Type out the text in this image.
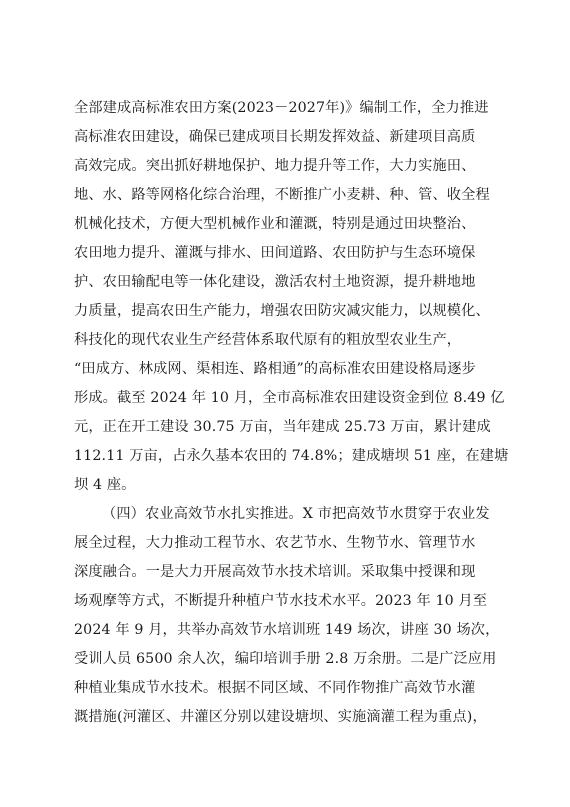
全部建成高标准农田方案(2023－2027年)》编制工作，全力推进
高标准农田建设，确保已建成项目长期发挥效益、新建项目高质
高效完成。突出抓好耕地保护、地力提升等工作，大力实施田、
地、水、路等网格化综合治理，不断推广小麦耕、种、管、收全程
机械化技术，方便大型机械作业和灌溉，特别是通过田块整治、
农田地力提升、灌溉与排水、田间道路、农田防护与生态环境保
护、农田输配电等一体化建设，激活农村土地资源，提升耕地地
力质量，提高农田生产能力，增强农田防灾减灾能力，以规模化、
科技化的现代农业生产经营体系取代原有的粗放型农业生产，
“田成方、林成网、渠相连、路相通”的高标准农田建设格局逐步
形成。截至 2024 年 10 月，全市高标准农田建设资金到位 8.49 亿
元，正在开工建设 30.75 万亩，当年建成 25.73 万亩，累计建成
112.11 万亩，占永久基本农田的 74.8%；建成塘坝 51 座，在建塘
坝 4 座。
（四）农业高效节水扎实推进。X 市把高效节水贯穿于农业发
展全过程，大力推动工程节水、农艺节水、生物节水、管理节水
深度融合。一是大力开展高效节水技术培训。采取集中授课和现
场观摩等方式，不断提升种植户节水技术水平。2023 年 10 月至
2024 年 9 月，共举办高效节水培训班 149 场次，讲座 30 场次，
受训人员 6500 余人次，编印培训手册 2.8 万余册。二是广泛应用
种植业集成节水技术。根据不同区域、不同作物推广高效节水灌
溉措施(河灌区、井灌区分别以建设塘坝、实施滴灌工程为重点)，
